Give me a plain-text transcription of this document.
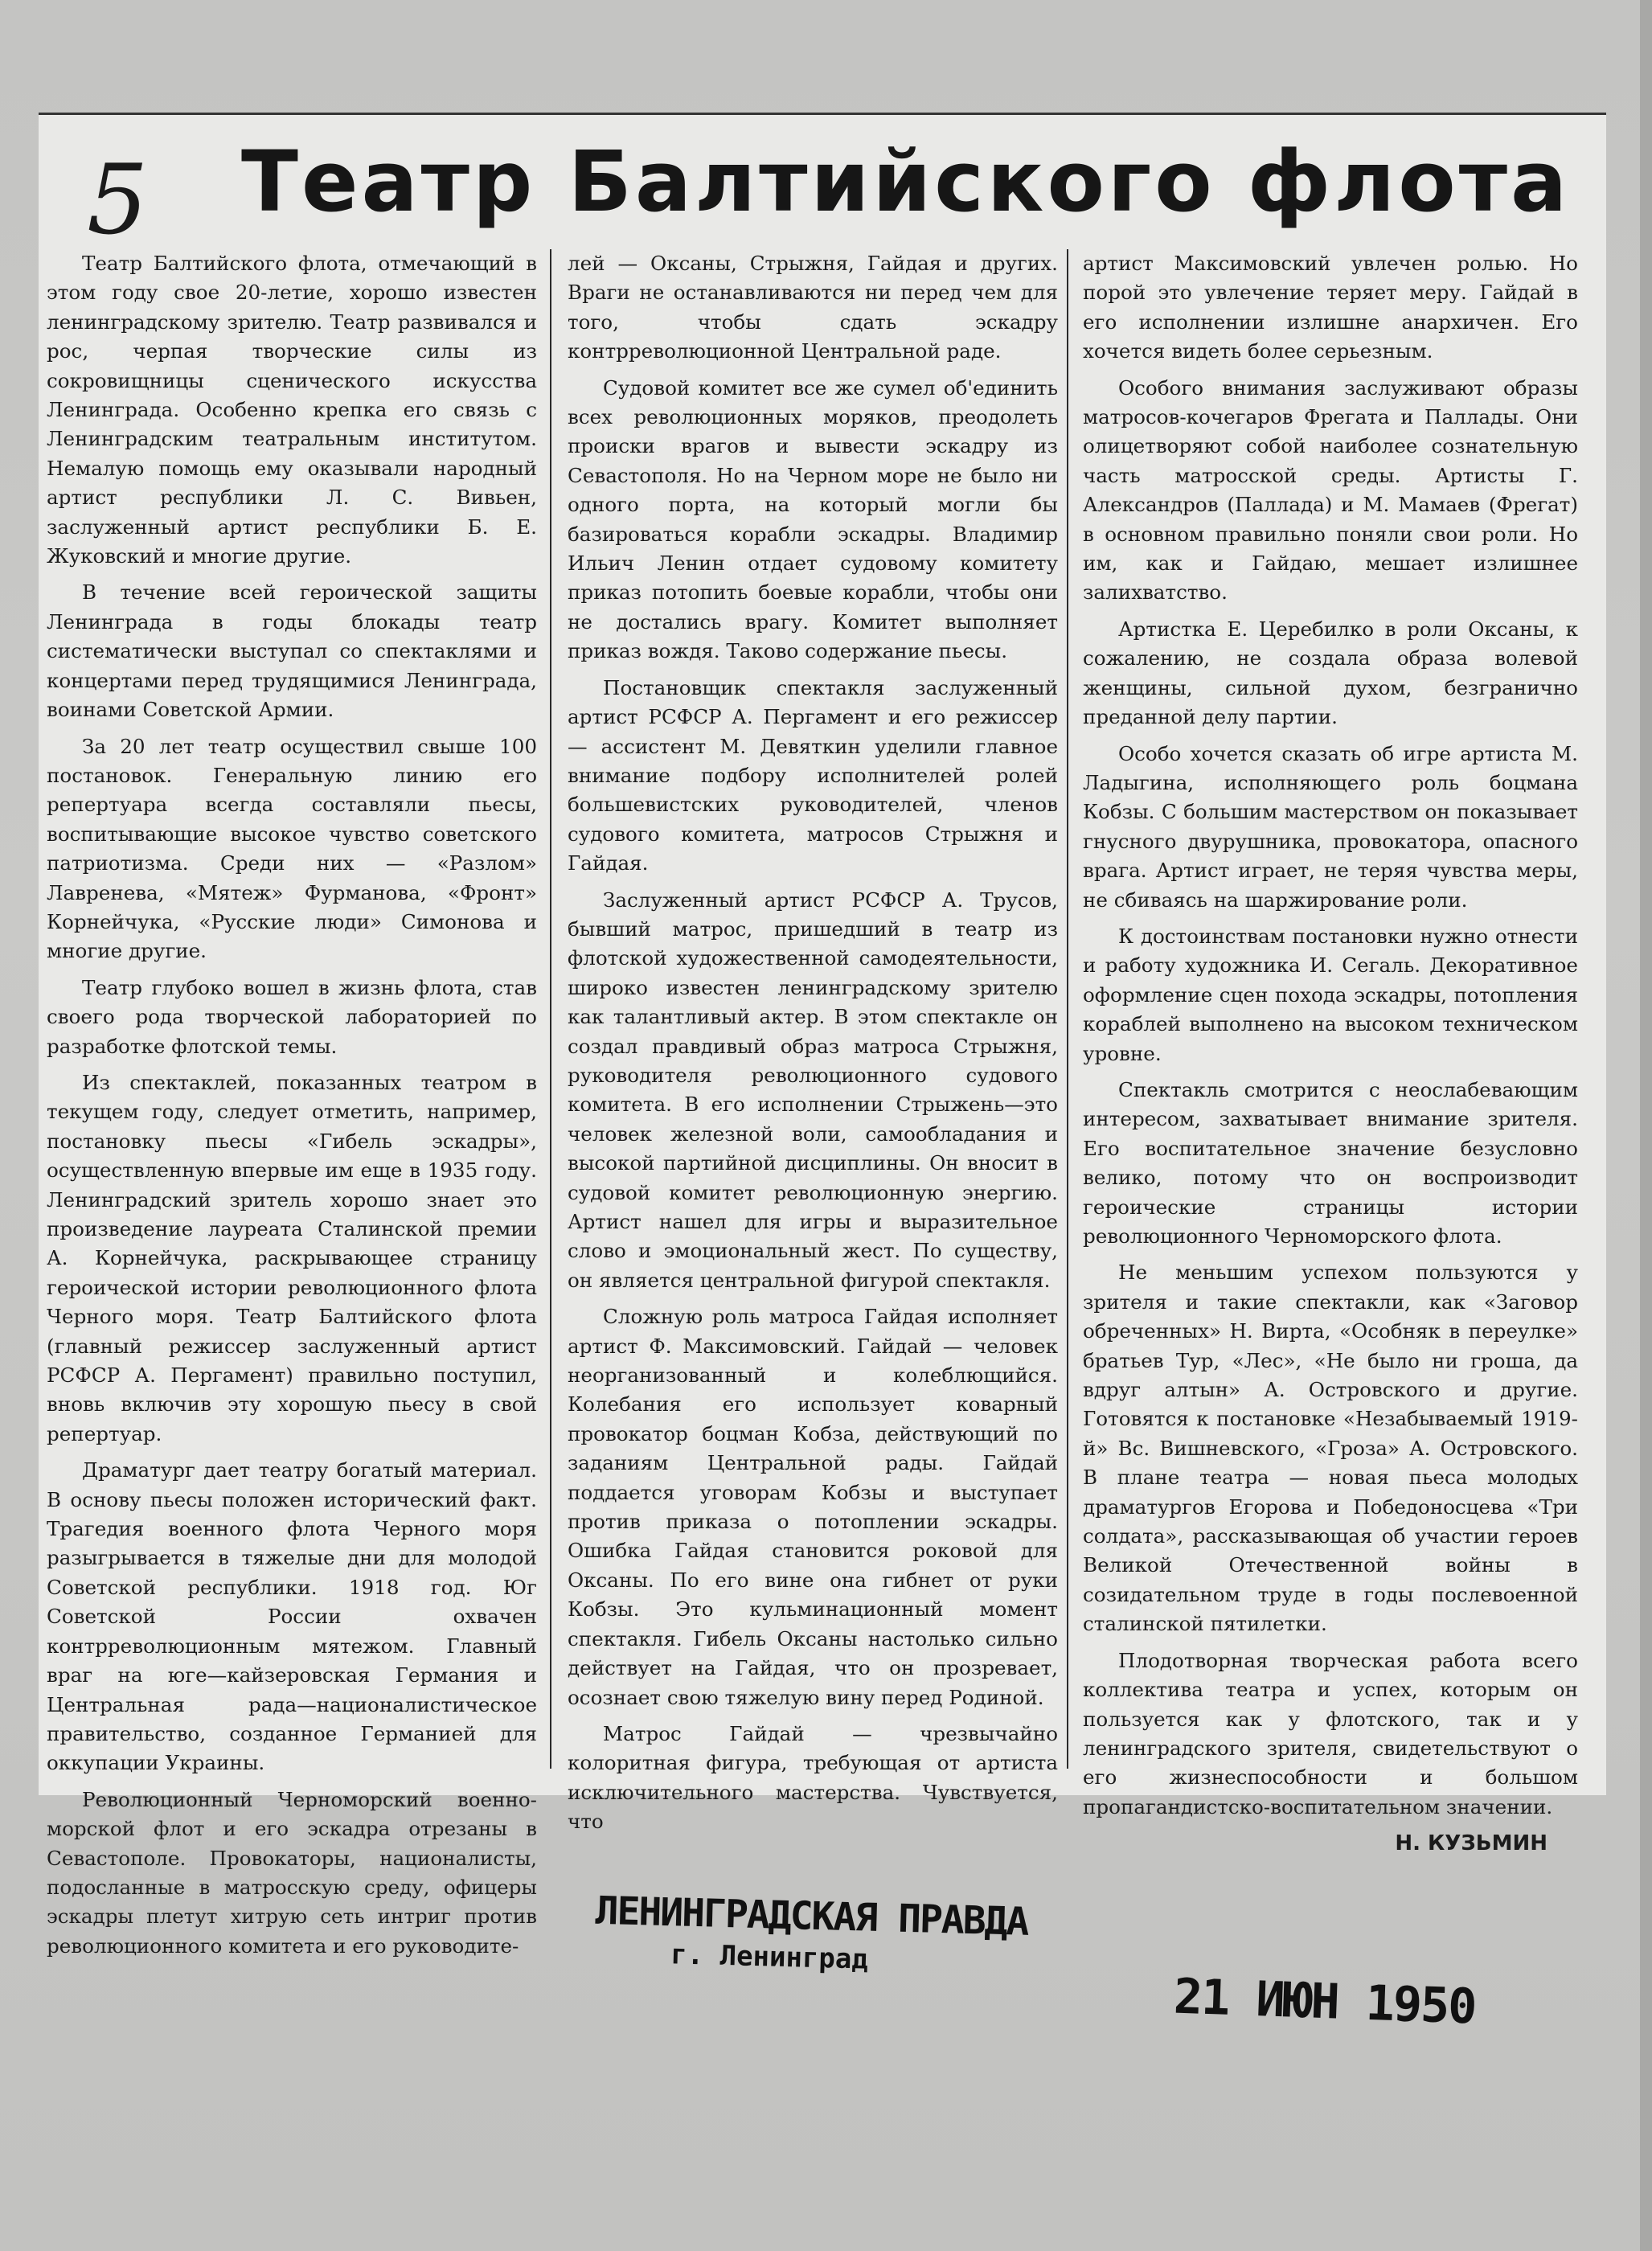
5 Театр Балтийского флота

Театр Балтийского флота, отмечающий в этом году свое 20-летие, хорошо известен ленинградскому зрителю. Театр развивался и рос, черпая творческие силы из сокровищницы сценического искусства Ленинграда. Особенно крепка его связь с Ленинградским театральным институтом. Немалую помощь ему оказывали народный артист республики Л. С. Вивьен, заслуженный артист республики Б. Е. Жуковский и многие другие.

В течение всей героической защиты Ленинграда в годы блокады театр систематически выступал со спектаклями и концертами перед трудящимися Ленинграда, воинами Советской Армии.

За 20 лет театр осуществил свыше 100 постановок. Генеральную линию его репертуара всегда составляли пьесы, воспитывающие высокое чувство советского патриотизма. Среди них — «Разлом» Лавренева, «Мятеж» Фурманова, «Фронт» Корнейчука, «Русские люди» Симонова и многие другие.

Театр глубоко вошел в жизнь флота, став своего рода творческой лабораторией по разработке флотской темы.

Из спектаклей, показанных театром в текущем году, следует отметить, например, постановку пьесы «Гибель эскадры», осуществленную впервые им еще в 1935 году. Ленинградский зритель хорошо знает это произведение лауреата Сталинской премии А. Корнейчука, раскрывающее страницу героической истории революционного флота Черного моря. Театр Балтийского флота (главный режиссер заслуженный артист РСФСР А. Пергамент) правильно поступил, вновь включив эту хорошую пьесу в свой репертуар.

Драматург дает театру богатый материал. В основу пьесы положен исторический факт. Трагедия военного флота Черного моря разыгрывается в тяжелые дни для молодой Советской республики. 1918 год. Юг Советской России охвачен контрреволюционным мятежом. Главный враг на юге—кайзеровская Германия и Центральная рада—националистическое правительство, созданное Германией для оккупации Украины.

Революционный Черноморский военно-морской флот и его эскадра отрезаны в Севастополе. Провокаторы, националисты, подосланные в матросскую среду, офицеры эскадры плетут хитрую сеть интриг против революционного комитета и его руководите-

лей — Оксаны, Стрыжня, Гайдая и других. Враги не останавливаются ни перед чем для того, чтобы сдать эскадру контрреволюционной Центральной раде.

Судовой комитет все же сумел об'единить всех революционных моряков, преодолеть происки врагов и вывести эскадру из Севастополя. Но на Черном море не было ни одного порта, на который могли бы базироваться корабли эскадры. Владимир Ильич Ленин отдает судовому комитету приказ потопить боевые корабли, чтобы они не достались врагу. Комитет выполняет приказ вождя. Таково содержание пьесы.

Постановщик спектакля заслуженный артист РСФСР А. Пергамент и его режиссер — ассистент М. Девяткин уделили главное внимание подбору исполнителей ролей большевистских руководителей, членов судового комитета, матросов Стрыжня и Гайдая.

Заслуженный артист РСФСР А. Трусов, бывший матрос, пришедший в театр из флотской художественной самодеятельности, широко известен ленинградскому зрителю как талантливый актер. В этом спектакле он создал правдивый образ матроса Стрыжня, руководителя революционного судового комитета. В его исполнении Стрыжень—это человек железной воли, самообладания и высокой партийной дисциплины. Он вносит в судовой комитет революционную энергию. Артист нашел для игры и выразительное слово и эмоциональный жест. По существу, он является центральной фигурой спектакля.

Сложную роль матроса Гайдая исполняет артист Ф. Максимовский. Гайдай — человек неорганизованный и колеблющийся. Колебания его использует коварный провокатор боцман Кобза, действующий по заданиям Центральной рады. Гайдай поддается уговорам Кобзы и выступает против приказа о потоплении эскадры. Ошибка Гайдая становится роковой для Оксаны. По его вине она гибнет от руки Кобзы. Это кульминационный момент спектакля. Гибель Оксаны настолько сильно действует на Гайдая, что он прозревает, осознает свою тяжелую вину перед Родиной.

Матрос Гайдай — чрезвычайно колоритная фигура, требующая от артиста исключительного мастерства. Чувствуется, что

артист Максимовский увлечен ролью. Но порой это увлечение теряет меру. Гайдай в его исполнении излишне анархичен. Его хочется видеть более серьезным.

Особого внимания заслуживают образы матросов-кочегаров Фрегата и Паллады. Они олицетворяют собой наиболее сознательную часть матросской среды. Артисты Г. Александров (Паллада) и М. Мамаев (Фрегат) в основном правильно поняли свои роли. Но им, как и Гайдаю, мешает излишнее залихватство.

Артистка Е. Церебилко в роли Оксаны, к сожалению, не создала образа волевой женщины, сильной духом, безгранично преданной делу партии.

Особо хочется сказать об игре артиста М. Ладыгина, исполняющего роль боцмана Кобзы. С большим мастерством он показывает гнусного двурушника, провокатора, опасного врага. Артист играет, не теряя чувства меры, не сбиваясь на шаржирование роли.

К достоинствам постановки нужно отнести и работу художника И. Сегаль. Декоративное оформление сцен похода эскадры, потопления кораблей выполнено на высоком техническом уровне.

Спектакль смотрится с неослабевающим интересом, захватывает внимание зрителя. Его воспитательное значение безусловно велико, потому что он воспроизводит героические страницы истории революционного Черноморского флота.

Не меньшим успехом пользуются у зрителя и такие спектакли, как «Заговор обреченных» Н. Вирта, «Особняк в переулке» братьев Тур, «Лес», «Не было ни гроша, да вдруг алтын» А. Островского и другие. Готовятся к постановке «Незабываемый 1919-й» Вс. Вишневского, «Гроза» А. Островского. В плане театра — новая пьеса молодых драматургов Егорова и Победоносцева «Три солдата», рассказывающая об участии героев Великой Отечественной войны в созидательном труде в годы послевоенной сталинской пятилетки.

Плодотворная творческая работа всего коллектива театра и успех, которым он пользуется как у флотского, так и у ленинградского зрителя, свидетельствуют о его жизнеспособности и большом пропагандистско-воспитательном значении.

Н. КУЗЬМИН
ЛЕНИНГРАДСКАЯ ПРАВДА
г. Ленинград
21 ИЮН 1950
